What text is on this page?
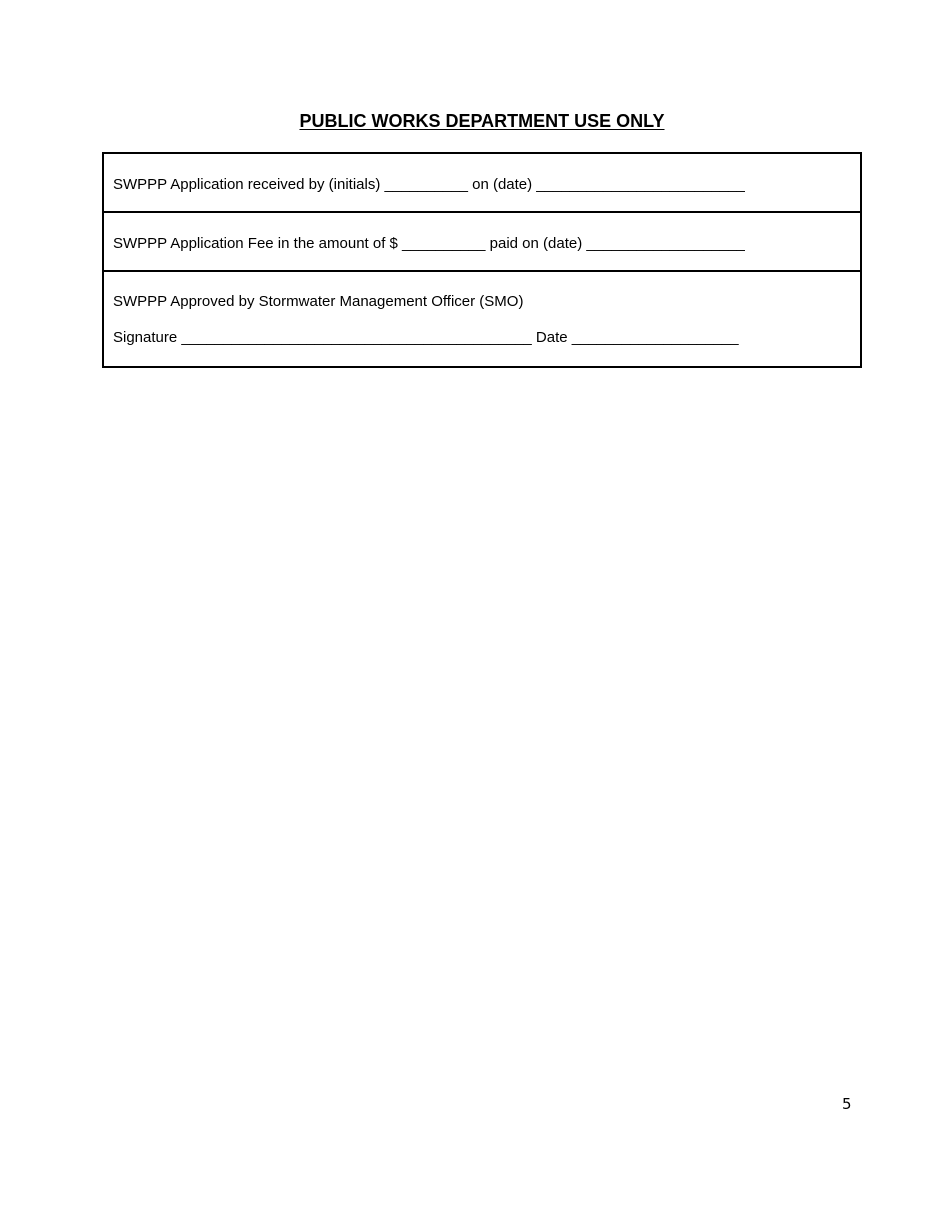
PUBLIC WORKS DEPARTMENT USE ONLY
SWPPP Application received by (initials) __________ on (date) _________________________
SWPPP Application Fee in the amount of $ __________ paid on (date) ___________________
SWPPP Approved by Stormwater Management Officer (SMO)
Signature __________________________________________ Date ____________________
5
